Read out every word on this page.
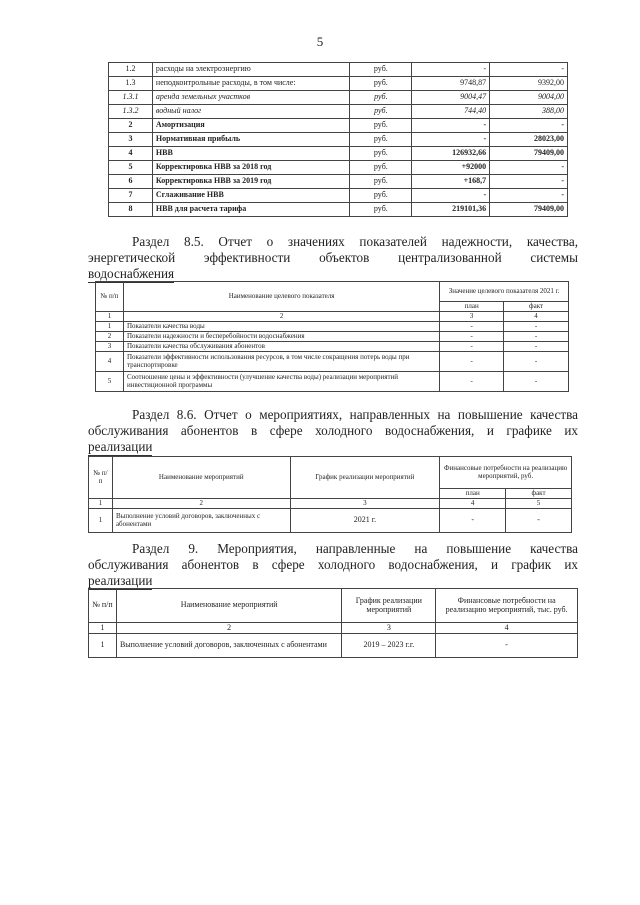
5
1.2	расходы на электроэнергию	руб.	-	-
1.3	неподконтрольные расходы, в том числе:	руб.	9748,87	9392,00
1.3.1	аренда земельных участков	руб.	9004,47	9004,00
1.3.2	водный налог	руб.	744,40	388,00
2	Амортизация	руб.	-	-
3	Нормативная прибыль	руб.	-	28023,00
4	НВВ	руб.	126932,66	79409,00
5	Корректировка НВВ за 2018 год	руб.	+92000	-
6	Корректировка НВВ за 2019 год	руб.	+168,7	-
7	Сглаживание НВВ	руб.	-	-
8	НВВ для расчета тарифа	руб.	219101,36	79409,00
Раздел 8.5. Отчет о значениях показателей надежности, качества,
энергетической эффективности объектов централизованной системы
водоснабжения
№ п/п	Наименование целевого показателя	Значение целевого показателя 2021 г.	
		план	факт
1	2	3	4
1	Показатели качества воды	-	-
2	Показатели надежности и бесперебойности водоснабжения	-	-
3	Показатели качества обслуживания абонентов	-	-
4	Показатели эффективности использования ресурсов, в том числе сокращения потерь воды при транспортировке	-	-
5	Соотношение цены и эффективности (улучшение качества воды) реализации мероприятий инвестиционной программы	-	-
Раздел 8.6. Отчет о мероприятиях, направленных на повышение качества
обслуживания абонентов в сфере холодного водоснабжения, и графике их
реализации
№ п/п	Наименование мероприятий	График реализации мероприятий	Финансовые потребности на реализацию мероприятий, руб.	
			план	факт
1	2	3	4	5
1	Выполнение условий договоров, заключенных с абонентами	2021 г.	-	-
Раздел 9. Мероприятия, направленные на повышение качества
обслуживания абонентов в сфере холодного водоснабжения, и график их
реализации
№ п/п	Наименование мероприятий	График реализации мероприятий	Финансовые потребности на реализацию мероприятий, тыс. руб.
1	2	3	4
1	Выполнение условий договоров, заключенных с абонентами	2019 – 2023 г.г.	-
